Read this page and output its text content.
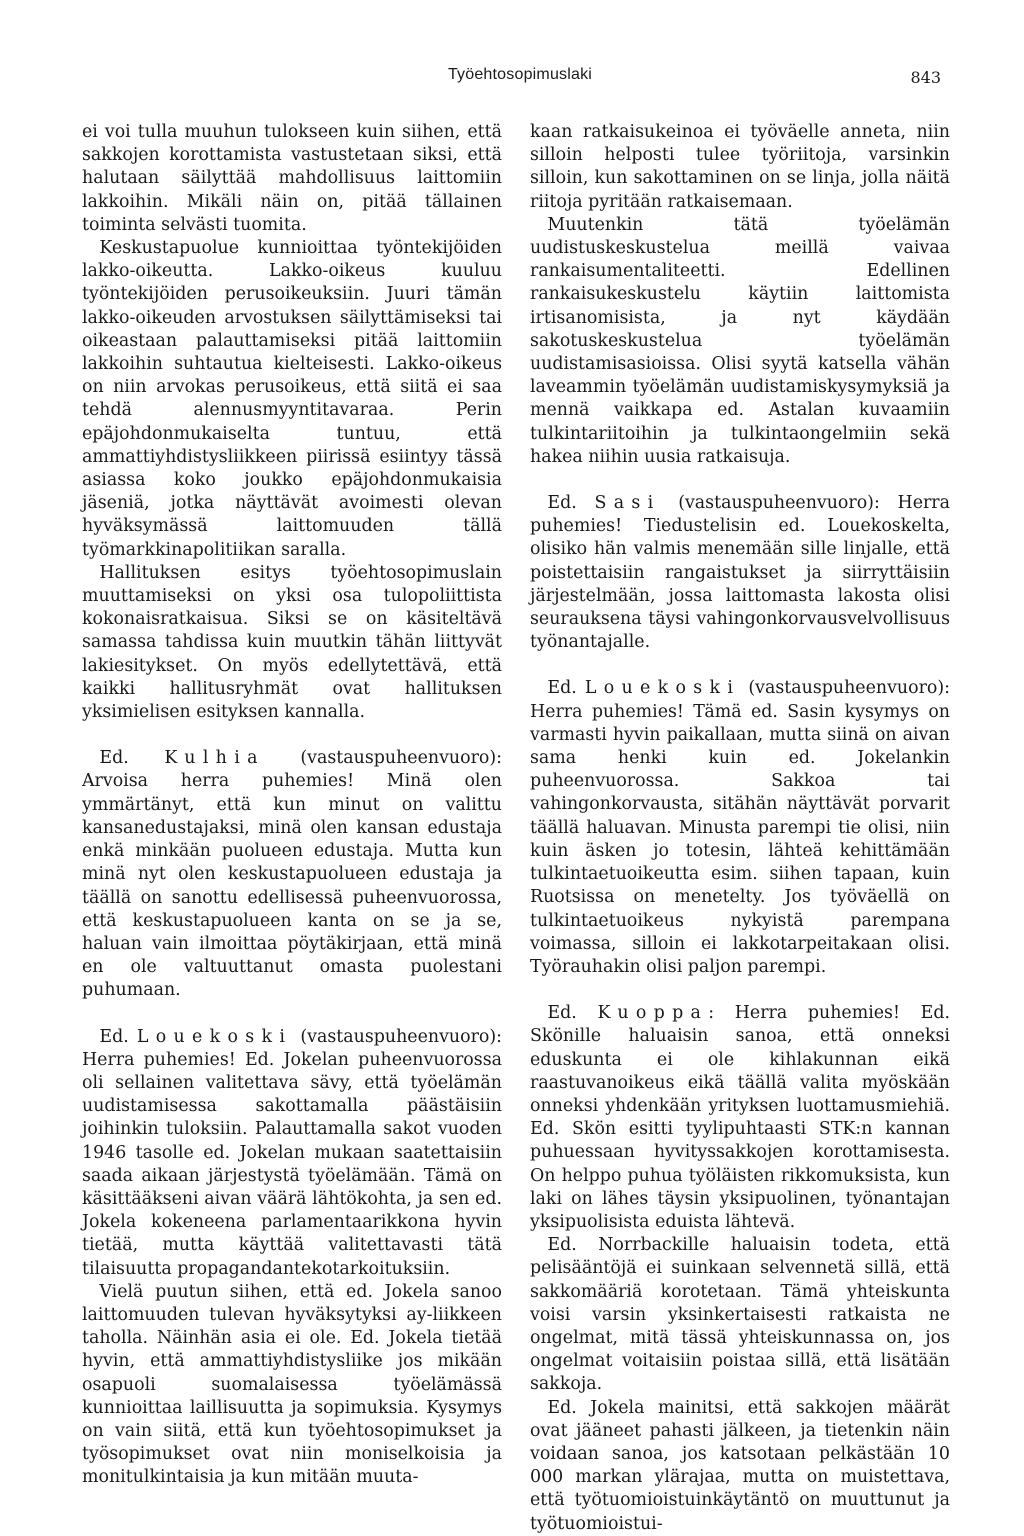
Työehtosopimuslaki	843

ei voi tulla muuhun tulokseen kuin siihen, että sakkojen korottamista vastustetaan siksi, että halutaan säilyttää mahdollisuus laittomiin lakkoihin. Mikäli näin on, pitää tällainen toiminta selvästi tuomita.

Keskustapuolue kunnioittaa työntekijöiden lakko-oikeutta. Lakko-oikeus kuuluu työntekijöiden perusoikeuksiin. Juuri tämän lakko-oikeuden arvostuksen säilyttämiseksi tai oikeastaan palauttamiseksi pitää laittomiin lakkoihin suhtautua kielteisesti. Lakko-oikeus on niin arvokas perusoikeus, että siitä ei saa tehdä alennusmyyntitavaraa. Perin epäjohdonmukaiselta tuntuu, että ammattiyhdistysliikkeen piirissä esiintyy tässä asiassa koko joukko epäjohdonmukaisia jäseniä, jotka näyttävät avoimesti olevan hyväksymässä laittomuuden tällä työmarkkinapolitiikan saralla.

Hallituksen esitys työehtosopimuslain muuttamiseksi on yksi osa tulopoliittista kokonaisratkaisua. Siksi se on käsiteltävä samassa tahdissa kuin muutkin tähän liittyvät lakiesitykset. On myös edellytettävä, että kaikki hallitusryhmät ovat hallituksen yksimielisen esityksen kannalla.

Ed. Kulhia (vastauspuheenvuoro): Arvoisa herra puhemies! Minä olen ymmärtänyt, että kun minut on valittu kansanedustajaksi, minä olen kansan edustaja enkä minkään puolueen edustaja. Mutta kun minä nyt olen keskustapuolueen edustaja ja täällä on sanottu edellisessä puheenvuorossa, että keskustapuolueen kanta on se ja se, haluan vain ilmoittaa pöytäkirjaan, että minä en ole valtuuttanut omasta puolestani puhumaan.

Ed. Louekoski (vastauspuheenvuoro): Herra puhemies! Ed. Jokelan puheenvuorossa oli sellainen valitettava sävy, että työelämän uudistamisessa sakottamalla päästäisiin joihinkin tuloksiin. Palauttamalla sakot vuoden 1946 tasolle ed. Jokelan mukaan saatettaisiin saada aikaan järjestystä työelämään. Tämä on käsittääkseni aivan väärä lähtökohta, ja sen ed. Jokela kokeneena parlamentaarikkona hyvin tietää, mutta käyttää valitettavasti tätä tilaisuutta propagandantekotarkoituksiin.

Vielä puutun siihen, että ed. Jokela sanoo laittomuuden tulevan hyväksytyksi ay-liikkeen taholla. Näinhän asia ei ole. Ed. Jokela tietää hyvin, että ammattiyhdistysliike jos mikään osapuoli suomalaisessa työelämässä kunnioittaa laillisuutta ja sopimuksia. Kysymys on vain siitä, että kun työehtosopimukset ja työsopimukset ovat niin moniselkoisia ja monitulkintaisia ja kun mitään muuta-

kaan ratkaisukeinoa ei työväelle anneta, niin silloin helposti tulee työriitoja, varsinkin silloin, kun sakottaminen on se linja, jolla näitä riitoja pyritään ratkaisemaan.

Muutenkin tätä työelämän uudistuskeskustelua meillä vaivaa rankaisumentaliteetti. Edellinen rankaisukeskustelu käytiin laittomista irtisanomisista, ja nyt käydään sakotuskeskustelua työelämän uudistamisasioissa. Olisi syytä katsella vähän laveammin työelämän uudistamiskysymyksiä ja mennä vaikkapa ed. Astalan kuvaamiin tulkintariitoihin ja tulkintaongelmiin sekä hakea niihin uusia ratkaisuja.

Ed. Sasi (vastauspuheenvuoro): Herra puhemies! Tiedustelisin ed. Louekoskelta, olisiko hän valmis menemään sille linjalle, että poistettaisiin rangaistukset ja siirryttäisiin järjestelmään, jossa laittomasta lakosta olisi seurauksena täysi vahingonkorvausvelvollisuus työnantajalle.

Ed. Louekoski (vastauspuheenvuoro): Herra puhemies! Tämä ed. Sasin kysymys on varmasti hyvin paikallaan, mutta siinä on aivan sama henki kuin ed. Jokelankin puheenvuorossa. Sakkoa tai vahingonkorvausta, sitähän näyttävät porvarit täällä haluavan. Minusta parempi tie olisi, niin kuin äsken jo totesin, lähteä kehittämään tulkintaetuoikeutta esim. siihen tapaan, kuin Ruotsissa on menetelty. Jos työväellä on tulkintaetuoikeus nykyistä parempana voimassa, silloin ei lakkotarpeitakaan olisi. Työrauhakin olisi paljon parempi.

Ed. Kuoppa: Herra puhemies! Ed. Skönille haluaisin sanoa, että onneksi eduskunta ei ole kihlakunnan eikä raastuvanoikeus eikä täällä valita myöskään onneksi yhdenkään yrityksen luottamusmiehiä. Ed. Skön esitti tyylipuhtaasti STK:n kannan puhuessaan hyvityssakkojen korottamisesta. On helppo puhua työläisten rikkomuksista, kun laki on lähes täysin yksipuolinen, työnantajan yksipuolisista eduista lähtevä.

Ed. Norrbackille haluaisin todeta, että pelisääntöjä ei suinkaan selvennetä sillä, että sakkomääriä korotetaan. Tämä yhteiskunta voisi varsin yksinkertaisesti ratkaista ne ongelmat, mitä tässä yhteiskunnassa on, jos ongelmat voitaisiin poistaa sillä, että lisätään sakkoja.

Ed. Jokela mainitsi, että sakkojen määrät ovat jääneet pahasti jälkeen, ja tietenkin näin voidaan sanoa, jos katsotaan pelkästään 10 000 markan ylärajaa, mutta on muistettava, että työtuomioistuinkäytäntö on muuttunut ja työtuomioistui-
